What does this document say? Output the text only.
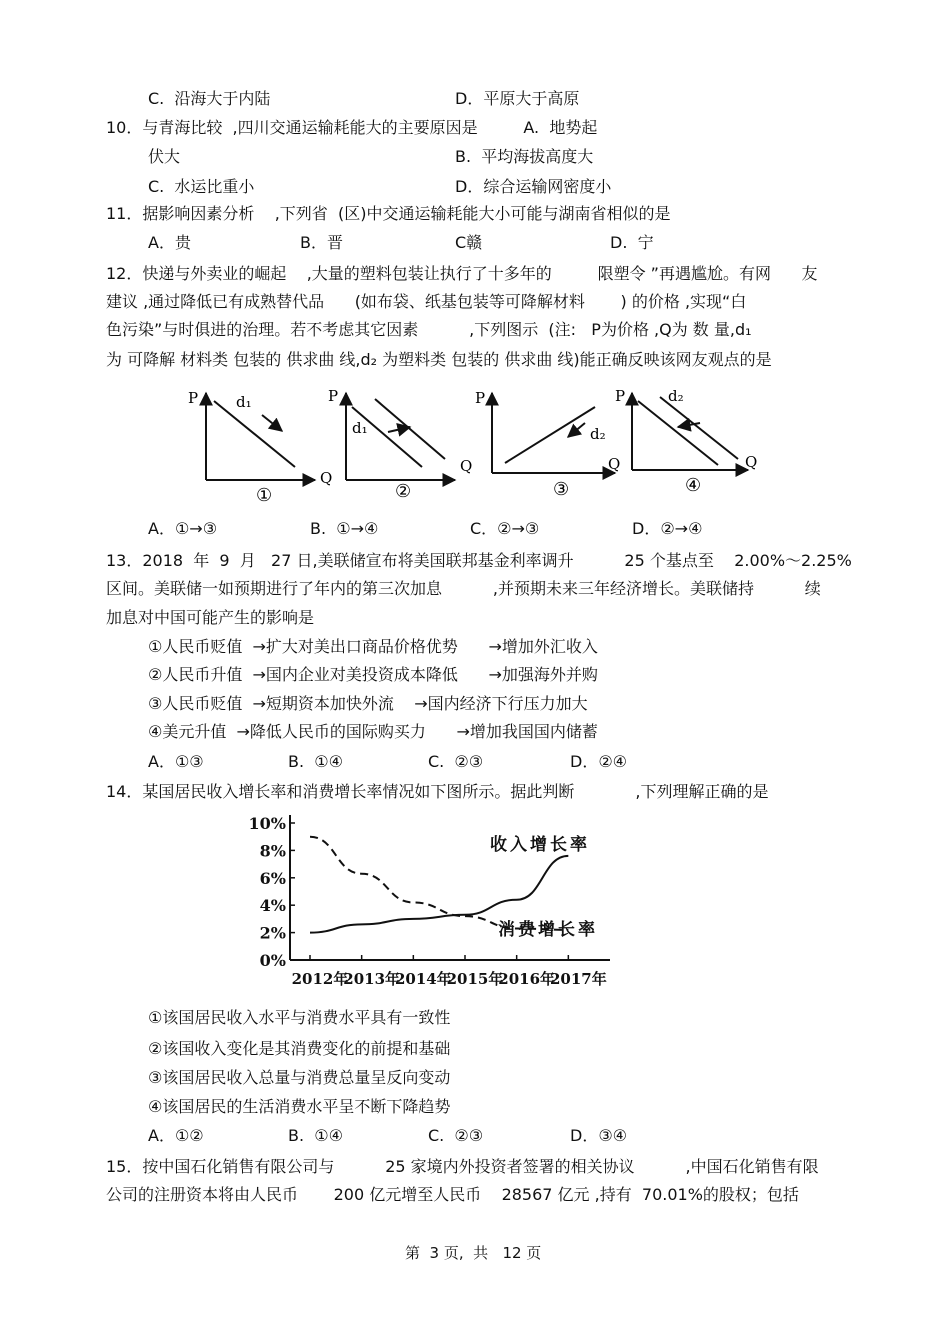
C.  沿海大于内陆	D．平原大于高原
10．与青海比较  ,四川交通运输耗能大的主要原因是         A.  地势起
伏大	B.  平均海拔高度大
C.  水运比重小	D．综合运输网密度小
11．据影响因素分析    ,下列省  (区)中交通运输耗能大小可能与湖南省相似的是
A．贵	B．晋	C赣	D.  宁
12．快递与外卖业的崛起    ,大量的塑料包装让执行了十多年的         限塑令 ”再遇尴尬。有网      友
建议 ,通过降低已有成熟替代品      (如布袋、纸基包装等可降解材料       ) 的价格 ,实现“白
色污染”与时俱进的治理。若不考虑其它因素          ,下列图示  (注:   P为价格 ,Q为 数 量,d₁
为 可降解 材料类 包装的 供求曲 线,d₂ 为塑料类 包装的 供求曲 线)能正确反映该网友观点的是
P
Q
d₁
①
P
Q
d₁
②
P
Q
d₂
③
P
Q
d₂
④
A．①→③	B.  ①→④	C．②→③	D．②→④
13．2018  年  9  月   27 日,美联储宣布将美国联邦基金利率调升          25 个基点至    2.00%～2.25%
区间。美联储一如预期进行了年内的第三次加息          ,并预期未来三年经济增长。美联储持          续
加息对中国可能产生的影响是
①人民币贬值  →扩大对美出口商品价格优势      →增加外汇收入
②人民币升值  →国内企业对美投资成本降低      →加强海外并购
③人民币贬值  →短期资本加快外流    →国内经济下行压力加大
④美元升值  →降低人民币的国际购买力      →增加我国国内储蓄
A．①③	B.  ①④	C.  ②③	D．②④
14．某国居民收入增长率和消费增长率情况如下图所示。据此判断            ,下列理解正确的是
0%
2%
4%
6%
8%
10%
2012年
2013年
2014年
2015年
2016年
2017年
收入增长率
消费增长率
①该国居民收入水平与消费水平具有一致性
②该国收入变化是其消费变化的前提和基础
③该国居民收入总量与消费总量呈反向变动
④该国居民的生活消费水平呈不断下降趋势
A．①②	B.  ①④	C.  ②③	D．③④
15．按中国石化销售有限公司与          25 家境内外投资者签署的相关协议          ,中国石化销售有限
公司的注册资本将由人民币       200 亿元增至人民币    28567 亿元 ,持有  70.01%的股权；包括
第  3 页,  共   12 页
